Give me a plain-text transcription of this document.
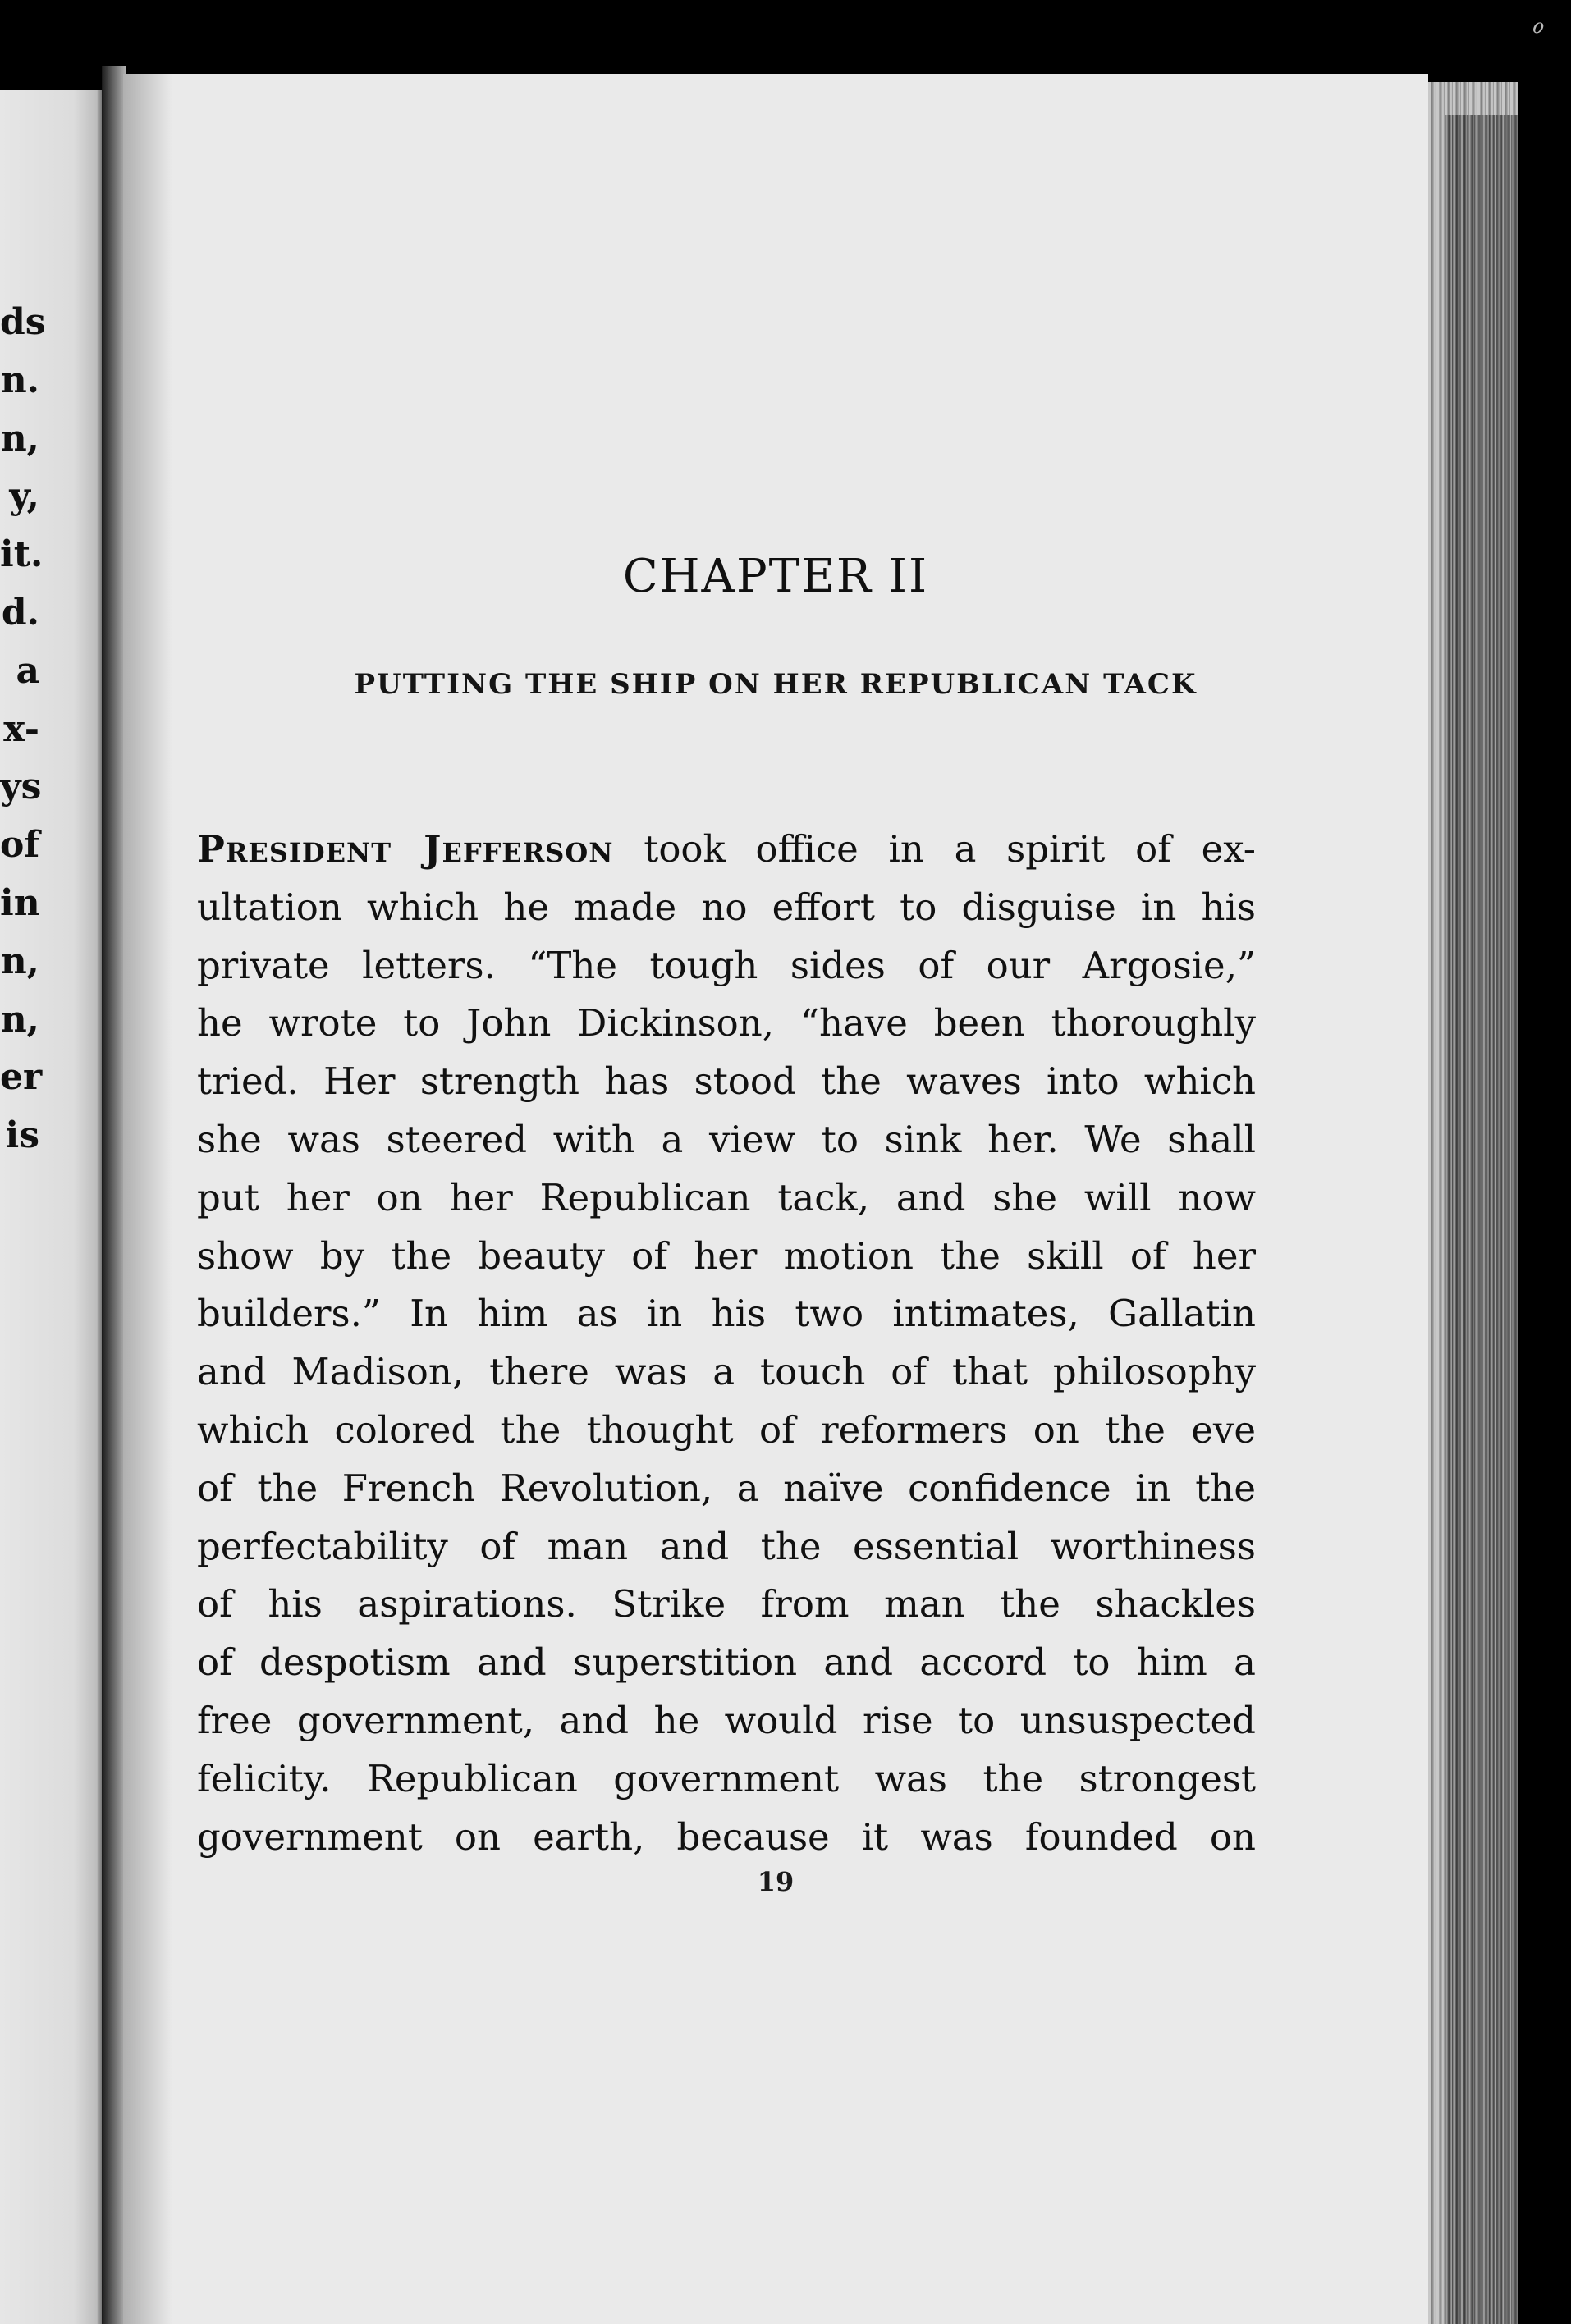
ds
n.
n,
y,
it.
d.
a
x-
ys
of
in
n,
n,
er
is
ℴ
CHAPTER II
PUTTING THE SHIP ON HER REPUBLICAN TACK
President Jefferson took office in a spirit of ex-
ultation which he made no effort to disguise in his
private letters. “The tough sides of our Argosie,”
he wrote to John Dickinson, “have been thoroughly
tried. Her strength has stood the waves into which
she was steered with a view to sink her. We shall
put her on her Republican tack, and she will now
show by the beauty of her motion the skill of her
builders.” In him as in his two intimates, Gallatin
and Madison, there was a touch of that philosophy
which colored the thought of reformers on the eve
of the French Revolution, a naïve confidence in the
perfectability of man and the essential worthiness
of his aspirations. Strike from man the shackles
of despotism and superstition and accord to him a
free government, and he would rise to unsuspected
felicity. Republican government was the strongest
government on earth, because it was founded on
19
